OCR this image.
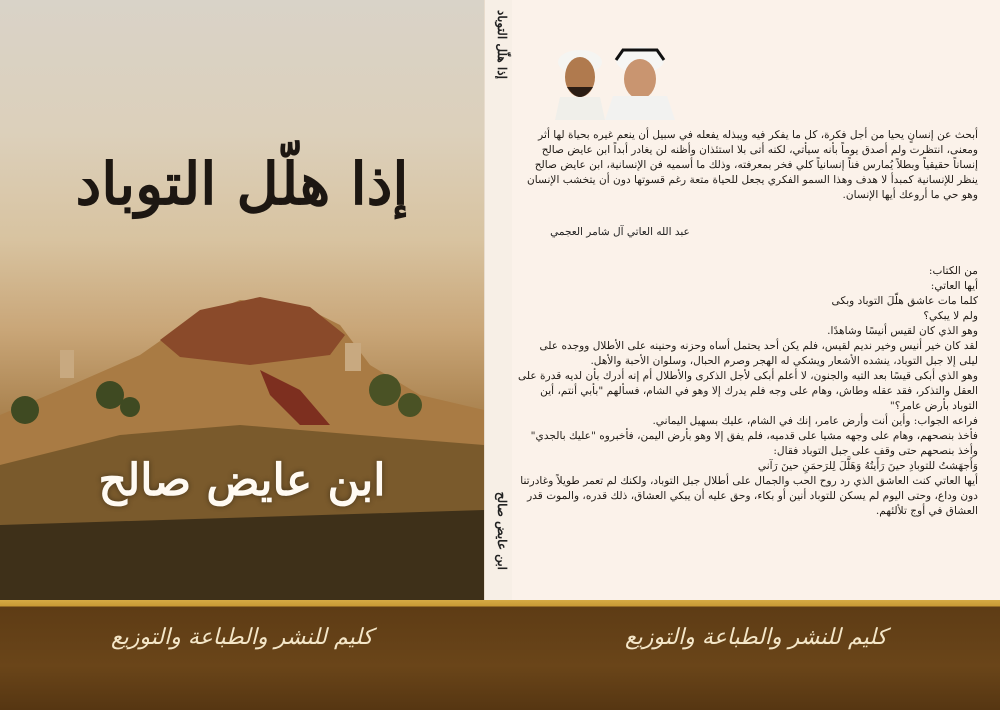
إذا هلّل التوباد
ابن عايض صالح
إذا هلّل التوباد
ابن عايض صالح

أبحث عن إنسانٍ يحيا من أجل فكرة، كل ما يفكر فيه ويبذله يفعله في سبيل أن ينعم غيره بحياة لها أثر ومعنى، انتظرت ولم أصدق يوماً بأنه سيأتي، لكنه أتى بلا استئذان وأظنه لن يغادر أبداً ابن عايض صالح إنساناً حقيقياً وبطلاً يُمارس فناً إنسانياً كلي فخر بمعرفته، وذلك ما أسميه فن الإنسانية، ابن عايض صالح ينظر للإنسانية كمبدأ لا هدف وهذا السمو الفكري يجعل للحياة متعة رغم قسوتها دون أن يتخشب الإنسان وهو حي ما أروعك أيها الإنسان.

عبد الله العاتي آل شامر العجمي

من الكتاب:

أيها العاتي:

كلما مات عاشق هلّلَ التوباد وبكى

ولم لا يبكي؟

وهو الذي كان لقيس أنيسًا وشاهدًا.

لقد كان خير أنيس وخير نديم لقيس، فلم يكن أحد يحتمل أساه وحزنه وحنينه على الأطلال ووجده على ليلى إلا جبل التوباد، ينشده الأشعار ويشكي له الهجر وصرم الحبال، وسلوان الأحبة والأهل.

وهو الذي أبكى قيسًا بعد التيه والجنون، لا أعلم أبكى لأجل الذكرى والأطلال أم إنه أدرك بأن لديه قدرة على العقل والتذكر، فقد عقله وطاش، وهام على وجه فلم يدرك إلا وهو في الشام، فسألهم "بأبي أنتم، أين التوباد بأرض عامر؟"

فراعه الجواب: وأين أنت وأرض عامر، إنك في الشام، عليك بسهيل اليماني.

فأخذ بنصحهم، وهام على وجهه مشيا على قدميه، فلم يفق إلا وهو بأرض اليمن، فأخبروه "عليك بالجدي"

وأخذ بنصحهم حتى وقف على جبل التوباد فقال:

وَأَجهَشتُ للتوبادِ حينَ رَأَيتُهُ وَهَلَّلَ لِلرَحمَنِ حينَ رَآني

أيها العاتي كنت العاشق الذي رد روح الحب والجمال على أطلال جبل التوباد، ولكنك لم تعمر طويلاً وغادرتنا دون وداع، وحتى اليوم لم يسكن للتوباد أنين أو بكاء، وحق عليه أن يبكي العشاق، ذلك قدره، والموت قدر العشاق في أوج تلألئهم.

كليم للنشر والطباعة والتوزيع	كليم للنشر والطباعة والتوزيع
